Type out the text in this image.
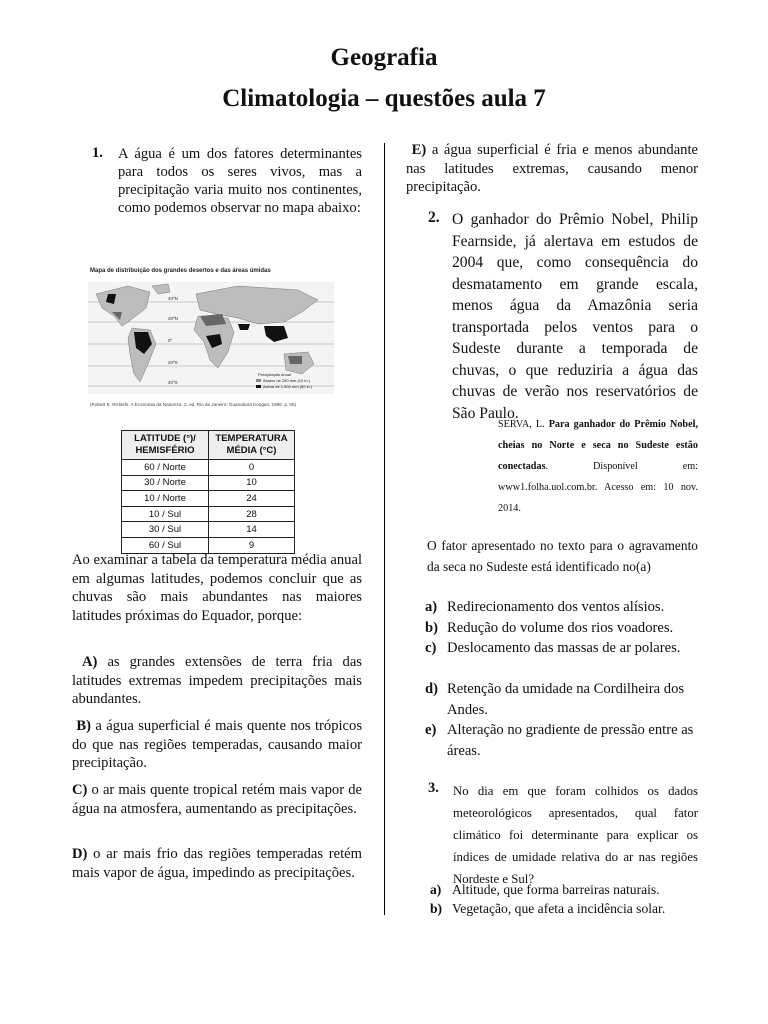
Geografia
Climatologia – questões aula 7
1. A água é um dos fatores determinantes para todos os seres vivos, mas a precipitação varia muito nos continentes, como podemos observar no mapa abaixo:
Mapa de distribuição dos grandes desertos e das áreas úmidas
40ºN
20ºN
0º
20ºS
40ºS
Precipitação anual
Abaixo de 250 mm (10 in.)
Acima de 1.500 mm (60 in.)
(Robert E. Ricklefs. A Economia da Natureza. 3. ed. Rio de Janeiro: Guanabara Koogan, 1996. p. 55)
LATITUDE (°)/ HEMISFÉRIO	TEMPERATURA MÉDIA (°C)
60 / Norte	0
30 / Norte	10
10 / Norte	24
10 / Sul	28
30 / Sul	14
60 / Sul	9
Ao examinar a tabela da temperatura média anual em algumas latitudes, podemos concluir que as chuvas são mais abundantes nas maiores latitudes próximas do Equador, porque:
A) as grandes extensões de terra fria das latitudes extremas impedem precipitações mais abundantes.
B) a água superficial é mais quente nos trópicos do que nas regiões temperadas, causando maior precipitação.
C) o ar mais quente tropical retém mais vapor de água na atmosfera, aumentando as precipitações.
D) o ar mais frio das regiões temperadas retém mais vapor de água, impedindo as precipitações.
E) a água superficial é fria e menos abundante nas latitudes extremas, causando menor precipitação.
2. O ganhador do Prêmio Nobel, Philip Fearnside, já alertava em estudos de 2004 que, como consequência do desmatamento em grande escala, menos água da Amazônia seria transportada pelos ventos para o Sudeste durante a temporada de chuvas, o que reduziria a água das chuvas de verão nos reservatórios de São Paulo.
SERVA, L. Para ganhador do Prêmio Nobel, cheias no Norte e seca no Sudeste estão conectadas. Disponível em: www1.folha.uol.com.br. Acesso em: 10 nov. 2014.
O fator apresentado no texto para o agravamento da seca no Sudeste está identificado no(a)
a) Redirecionamento dos ventos alísios.
b) Redução do volume dos rios voadores.
c) Deslocamento das massas de ar polares.
d) Retenção da umidade na Cordilheira dos Andes.
e) Alteração no gradiente de pressão entre as áreas.
3. No dia em que foram colhidos os dados meteorológicos apresentados, qual fator climático foi determinante para explicar os índices de umidade relativa do ar nas regiões Nordeste e Sul?
a) Altitude, que forma barreiras naturais.
b) Vegetação, que afeta a incidência solar.
